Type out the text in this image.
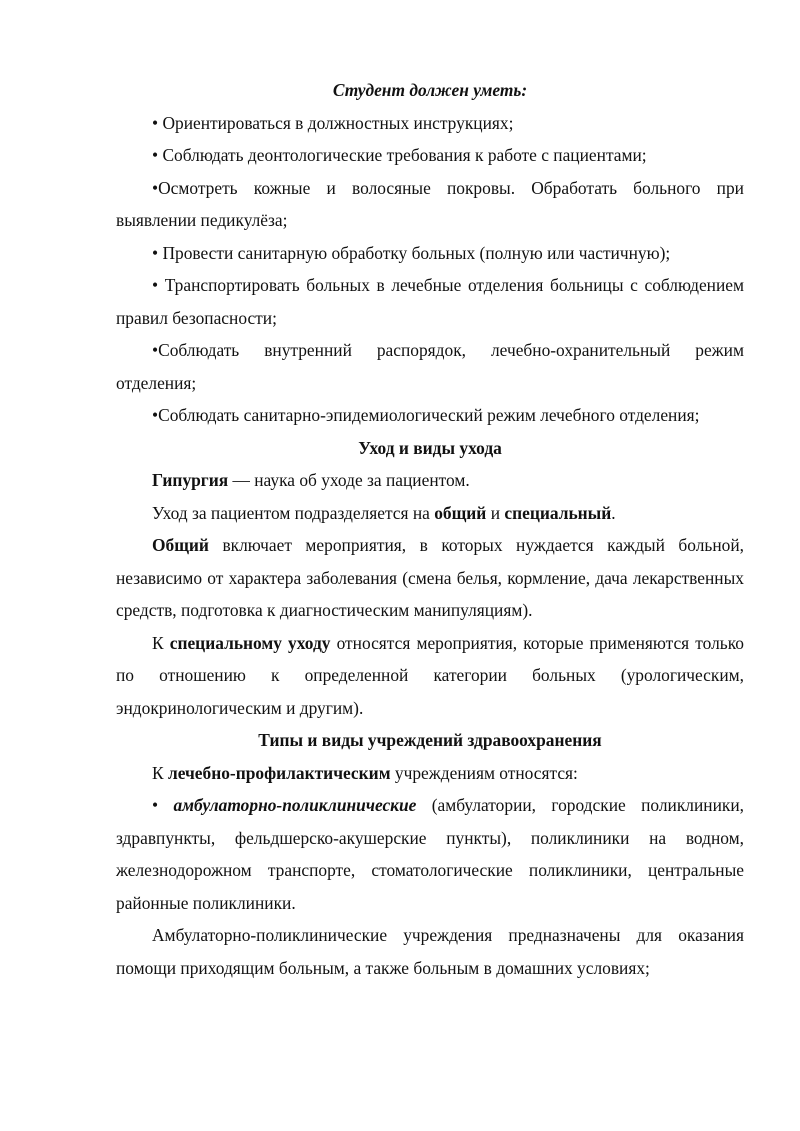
Студент должен уметь:

• Ориентироваться в должностных инструкциях;

• Соблюдать деонтологические требования к работе с пациентами;

•Осмотреть кожные и волосяные покровы. Обработать больного при выявлении педикулёза;

• Провести санитарную обработку больных (полную или частичную);

• Транспортировать больных в лечебные отделения больницы с соблюдением правил безопасности;

•Соблюдать внутренний распорядок, лечебно-охранительный режим отделения;

•Соблюдать санитарно-эпидемиологический режим лечебного отделения;

Уход и виды ухода

Гипургия — наука об уходе за пациентом.

Уход за пациентом подразделяется на общий и специальный.

Общий включает мероприятия, в которых нуждается каждый больной, независимо от характера заболевания (смена белья, кормление, дача лекарственных средств, подготовка к диагностическим манипуляциям).

К специальному уходу относятся мероприятия, которые применяются только по отношению к определенной категории больных (урологическим, эндокринологическим и другим).

Типы и виды учреждений здравоохранения

К лечебно-профилактическим учреждениям относятся:

• амбулаторно-поликлинические (амбулатории, городские поликлиники, здравпункты, фельдшерско-акушерские пункты), поликлиники на водном, железнодорожном транспорте, стоматологические поликлиники, центральные районные поликлиники.

Амбулаторно-поликлинические учреждения предназначены для оказания помощи приходящим больным, а также больным в домашних условиях;
